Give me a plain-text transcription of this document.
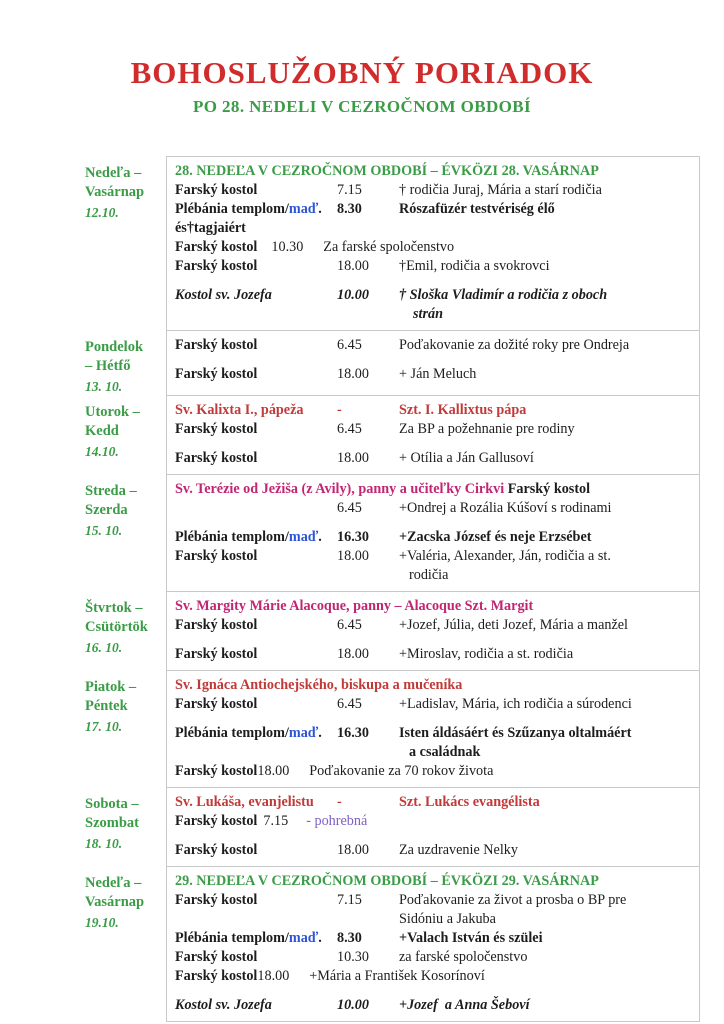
BOHOSLUŽOBNÝ PORIADOK
PO 28. NEDELI V CEZROČNOM OBDOBÍ
Nedeľa –
Vasárnap
12.10.
28. NEDEĽA V CEZROČNOM OBDOBÍ – ÉVKÖZI 28. VASÁRNAP
Farský kostol	7.15	† rodičia Juraj, Mária a starí rodičia
Plébánia templom/maď.	8.30	Rószafüzér testvériség élő
és†tagjaiért
Farský kostol 10.30 Za farské spoločenstvo
Farský kostol	18.00	†Emil, rodičia a svokrovci
Kostol sv. Jozefa	10.00	† Sloška Vladimír a rodičia z oboch
strán
Pondelok
– Hétfő
13. 10.
Farský kostol	6.45	Poďakovanie za dožité roky pre Ondreja
Farský kostol	18.00	+ Ján Meluch
Utorok –
Kedd
14.10.
Sv. Kalixta I., pápeža	-	Szt. I. Kallixtus pápa
Farský kostol	6.45	Za BP a požehnanie pre rodiny
Farský kostol	18.00	+ Otília a Ján Gallusoví
Streda –
Szerda
15. 10.
Sv. Terézie od Ježiša (z Avily), panny a učiteľky Cirkvi Farský kostol
6.45	+Ondrej a Rozália Kúšoví s rodinami
Plébánia templom/maď.	16.30	+Zacska József és neje Erzsébet
Farský kostol	18.00	+Valéria, Alexander, Ján, rodičia a st.
rodičia
Štvrtok –
Csütörtök
16. 10.
Sv. Margity Márie Alacoque, panny – Alacoque Szt. Margit
Farský kostol	6.45	+Jozef, Júlia, deti Jozef, Mária a manžel
Farský kostol	18.00	+Miroslav, rodičia a st. rodičia
Piatok –
Péntek
17. 10.
Sv. Ignáca Antiochejského, biskupa a mučeníka
Farský kostol	6.45	+Ladislav, Mária, ich rodičia a súrodenci
Plébánia templom/maď.	16.30	Isten áldásáért és Szűzanya oltalmáért
a családnak
Farský kostol18.00 Poďakovanie za 70 rokov života
Sobota –
Szombat
18. 10.
Sv. Lukáša, evanjelistu	-	Szt. Lukács evangélista
Farský kostol 7.15 - pohrebná
Farský kostol	18.00	Za uzdravenie Nelky
Nedeľa –
Vasárnap
19.10.
29. NEDEĽA V CEZROČNOM OBDOBÍ – ÉVKÖZI 29. VASÁRNAP
Farský kostol	7.15	Poďakovanie za život a prosba o BP pre
Sidóniu a Jakuba
Plébánia templom/maď.	8.30	+Valach István és szülei
Farský kostol	10.30	za farské spoločenstvo
Farský kostol18.00 +Mária a František Kosorínoví
Kostol sv. Jozefa	10.00	+Jozef  a Anna Šeboví
